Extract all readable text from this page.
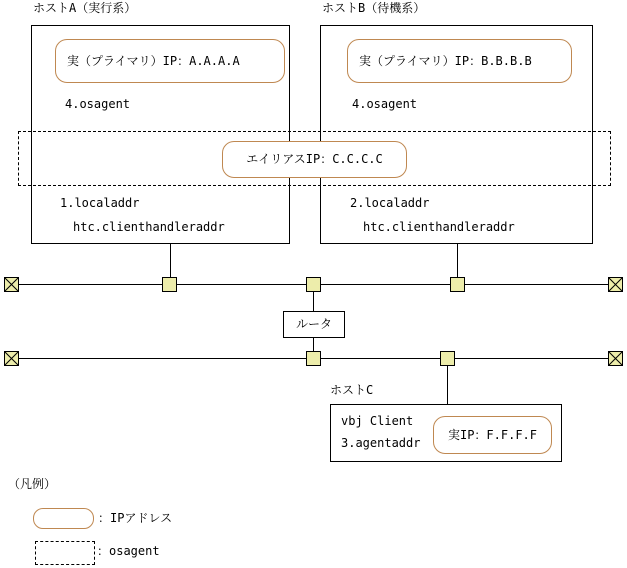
ホストA（実行系）
実（プライマリ）IP：A.A.A.A
4.osagent
1.localaddr
htc.clienthandleraddr
ホストB（待機系）
実（プライマリ）IP：B.B.B.B
4.osagent
2.localaddr
htc.clienthandleraddr
エイリアスIP：C.C.C.C
ルータ
ホストC
vbj Client
3.agentaddr
実IP：F.F.F.F
（凡例）
：IPアドレス
：osagent
